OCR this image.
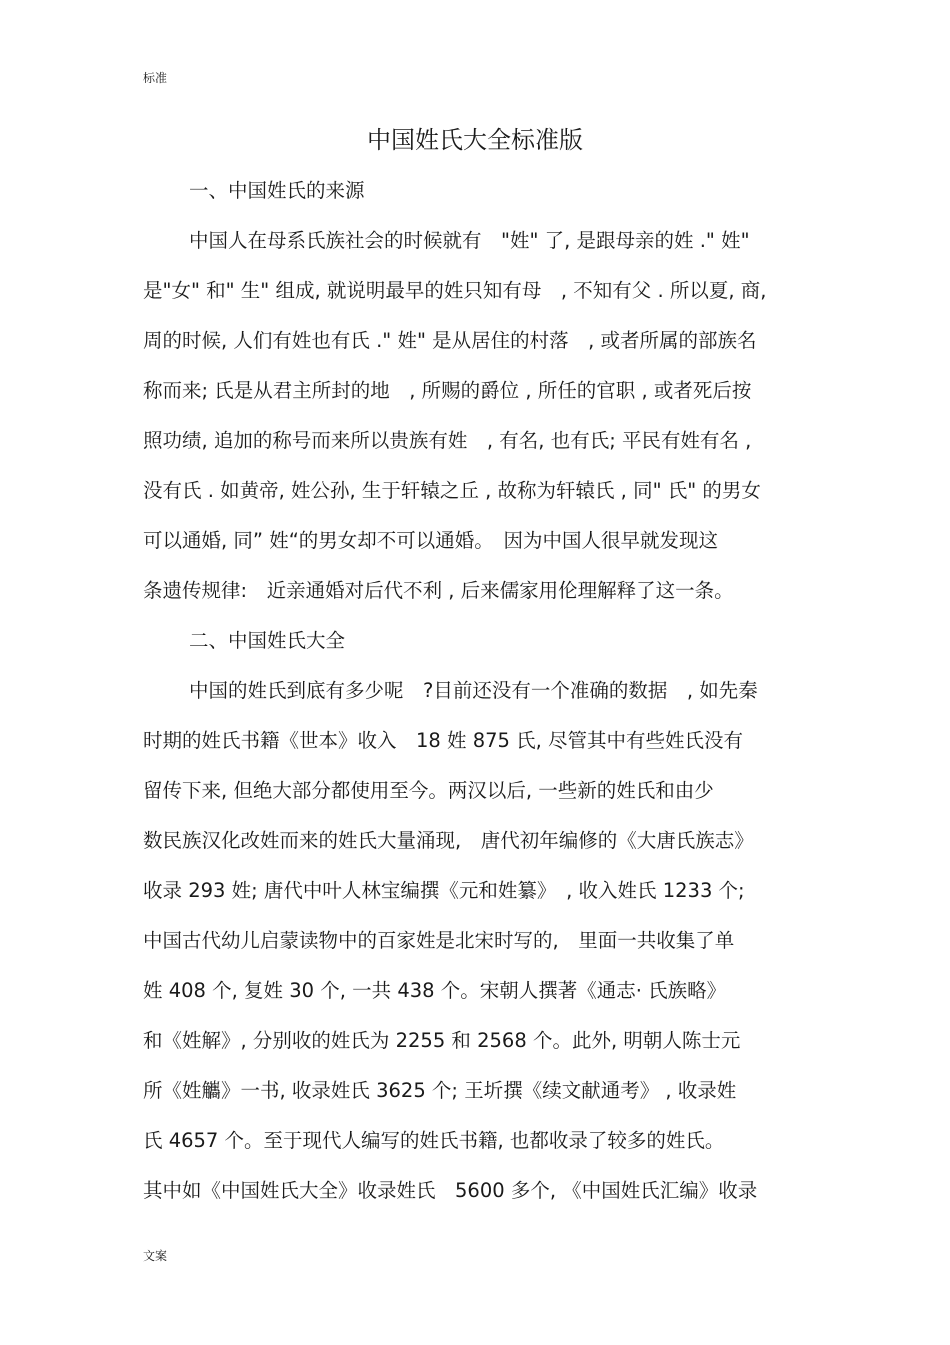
标准
中国姓氏大全标准版
一、中国姓氏的来源
中国人在母系氏族社会的时候就有　"姓" 了, 是跟母亲的姓 ." 姓"
是"女" 和" 生" 组成, 就说明最早的姓只知有母　, 不知有父 . 所以夏, 商,
周的时候, 人们有姓也有氏 ." 姓" 是从居住的村落　, 或者所属的部族名
称而来; 氏是从君主所封的地　, 所赐的爵位 , 所任的官职 , 或者死后按
照功绩, 追加的称号而来所以贵族有姓　, 有名, 也有氏; 平民有姓有名 ,
没有氏 . 如黄帝, 姓公孙, 生于轩辕之丘 , 故称为轩辕氏 , 同" 氏" 的男女
可以通婚, 同” 姓“的男女却不可以通婚。　因为中国人很早就发现这
条遗传规律:　近亲通婚对后代不利 , 后来儒家用伦理解释了这一条。
二、中国姓氏大全
中国的姓氏到底有多少呢　?目前还没有一个准确的数据　, 如先秦
时期的姓氏书籍《世本》收入　18 姓 875 氏, 尽管其中有些姓氏没有
留传下来, 但绝大部分都使用至今。两汉以后, 一些新的姓氏和由少
数民族汉化改姓而来的姓氏大量涌现,　唐代初年编修的《大唐氏族志》
收录 293 姓; 唐代中叶人林宝编撰《元和姓纂》　, 收入姓氏 1233 个;
中国古代幼儿启蒙读物中的百家姓是北宋时写的,　里面一共收集了单
姓 408 个, 复姓 30 个, 一共 438 个。宋朝人撰著《通志· 氏族略》
和《姓解》, 分别收的姓氏为 2255 和 2568 个。此外, 明朝人陈士元
所《姓觿》一书, 收录姓氏 3625 个; 王圻撰《续文献通考》 , 收录姓
氏 4657 个。至于现代人编写的姓氏书籍, 也都收录了较多的姓氏。
其中如《中国姓氏大全》收录姓氏　5600 多个, 《中国姓氏汇编》收录
文案
